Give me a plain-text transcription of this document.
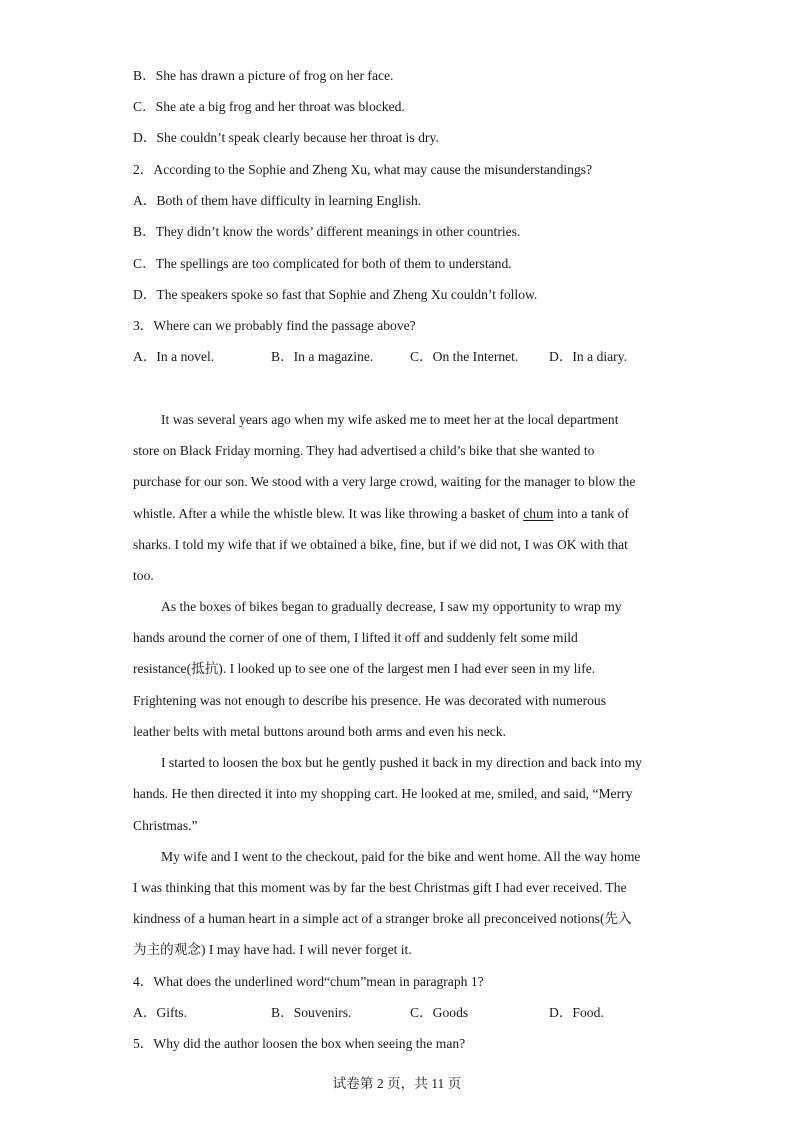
B．She has drawn a picture of frog on her face.
C．She ate a big frog and her throat was blocked.
D．She couldn’t speak clearly because her throat is dry.
2．According to the Sophie and Zheng Xu, what may cause the misunderstandings?
A．Both of them have difficulty in learning English.
B．They didn’t know the words’ different meanings in other countries.
C．The spellings are too complicated for both of them to understand.
D．The speakers spoke so fast that Sophie and Zheng Xu couldn’t follow.
3．Where can we probably find the passage above?
A．In a novel.	B．In a magazine.	C．On the Internet. D．In a diary.
It was several years ago when my wife asked me to meet her at the local department
store on Black Friday morning. They had advertised a child’s bike that she wanted to
purchase for our son. We stood with a very large crowd, waiting for the manager to blow the
whistle. After a while the whistle blew. It was like throwing a basket of chum into a tank of
sharks. I told my wife that if we obtained a bike, fine, but if we did not, I was OK with that
too.
As the boxes of bikes began to gradually decrease, I saw my opportunity to wrap my
hands around the corner of one of them, I lifted it off and suddenly felt some mild
resistance(抵抗). I looked up to see one of the largest men I had ever seen in my life.
Frightening was not enough to describe his presence. He was decorated with numerous
leather belts with metal buttons around both arms and even his neck.
I started to loosen the box but he gently pushed it back in my direction and back into my
hands. He then directed it into my shopping cart. He looked at me, smiled, and said, “Merry
Christmas.”
My wife and I went to the checkout, paid for the bike and went home. All the way home
I was thinking that this moment was by far the best Christmas gift I had ever received. The
kindness of a human heart in a simple act of a stranger broke all preconceived notions(先入
为主的观念) I may have had. I will never forget it.
4．What does the underlined word“chum”mean in paragraph 1?
A．Gifts.	B．Souvenirs.	C．Goods	D．Food.
5．Why did the author loosen the box when seeing the man?
试卷第 2 页，共 11 页
